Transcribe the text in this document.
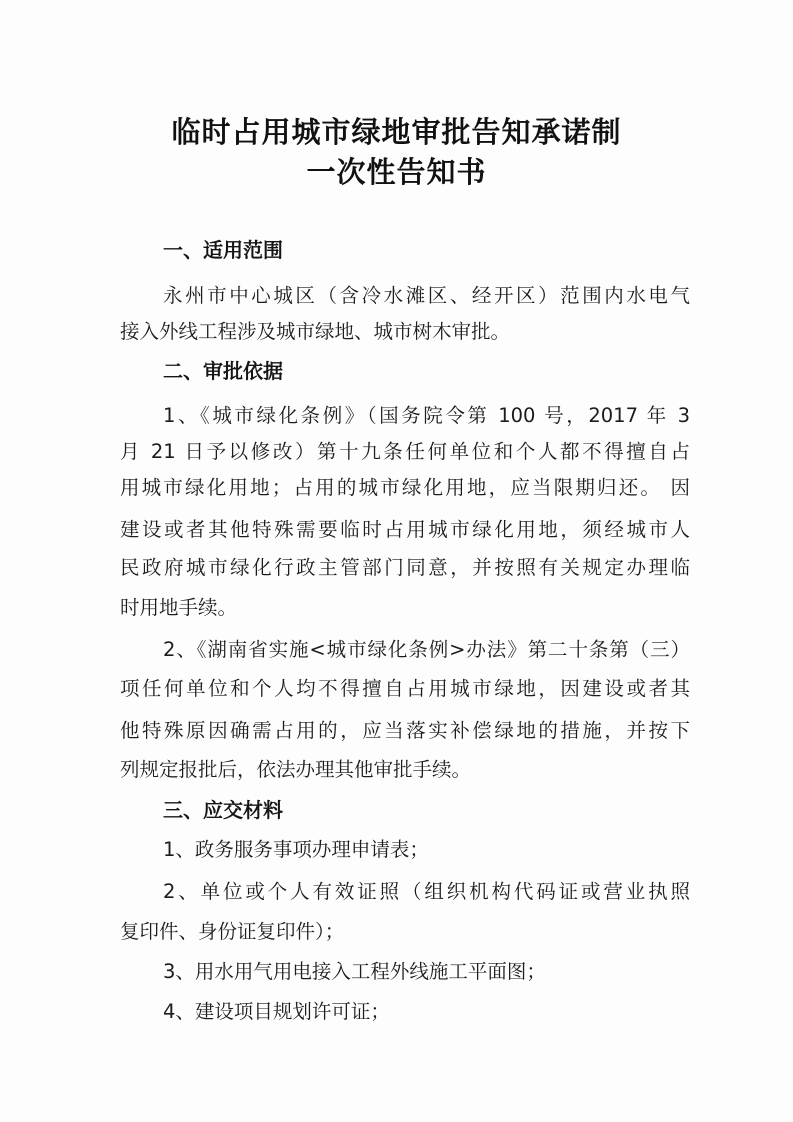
临时占用城市绿地审批告知承诺制
一次性告知书
一、适用范围
永州市中心城区（含冷水滩区、经开区）范围内水电气
接入外线工程涉及城市绿地、城市树木审批。
二、审批依据
1、《城市绿化条例》（国务院令第 100 号，2017 年 3
月 21 日予以修改）第十九条任何单位和个人都不得擅自占
用城市绿化用地；占用的城市绿化用地，应当限期归还。 因
建设或者其他特殊需要临时占用城市绿化用地，须经城市人
民政府城市绿化行政主管部门同意，并按照有关规定办理临
时用地手续。
2、《湖南省实施<城市绿化条例>办法》第二十条第（三）
项任何单位和个人均不得擅自占用城市绿地，因建设或者其
他特殊原因确需占用的，应当落实补偿绿地的措施，并按下
列规定报批后，依法办理其他审批手续。
三、应交材料
1、政务服务事项办理申请表；
2、单位或个人有效证照（组织机构代码证或营业执照
复印件、身份证复印件）；
3、用水用气用电接入工程外线施工平面图；
4、建设项目规划许可证；
